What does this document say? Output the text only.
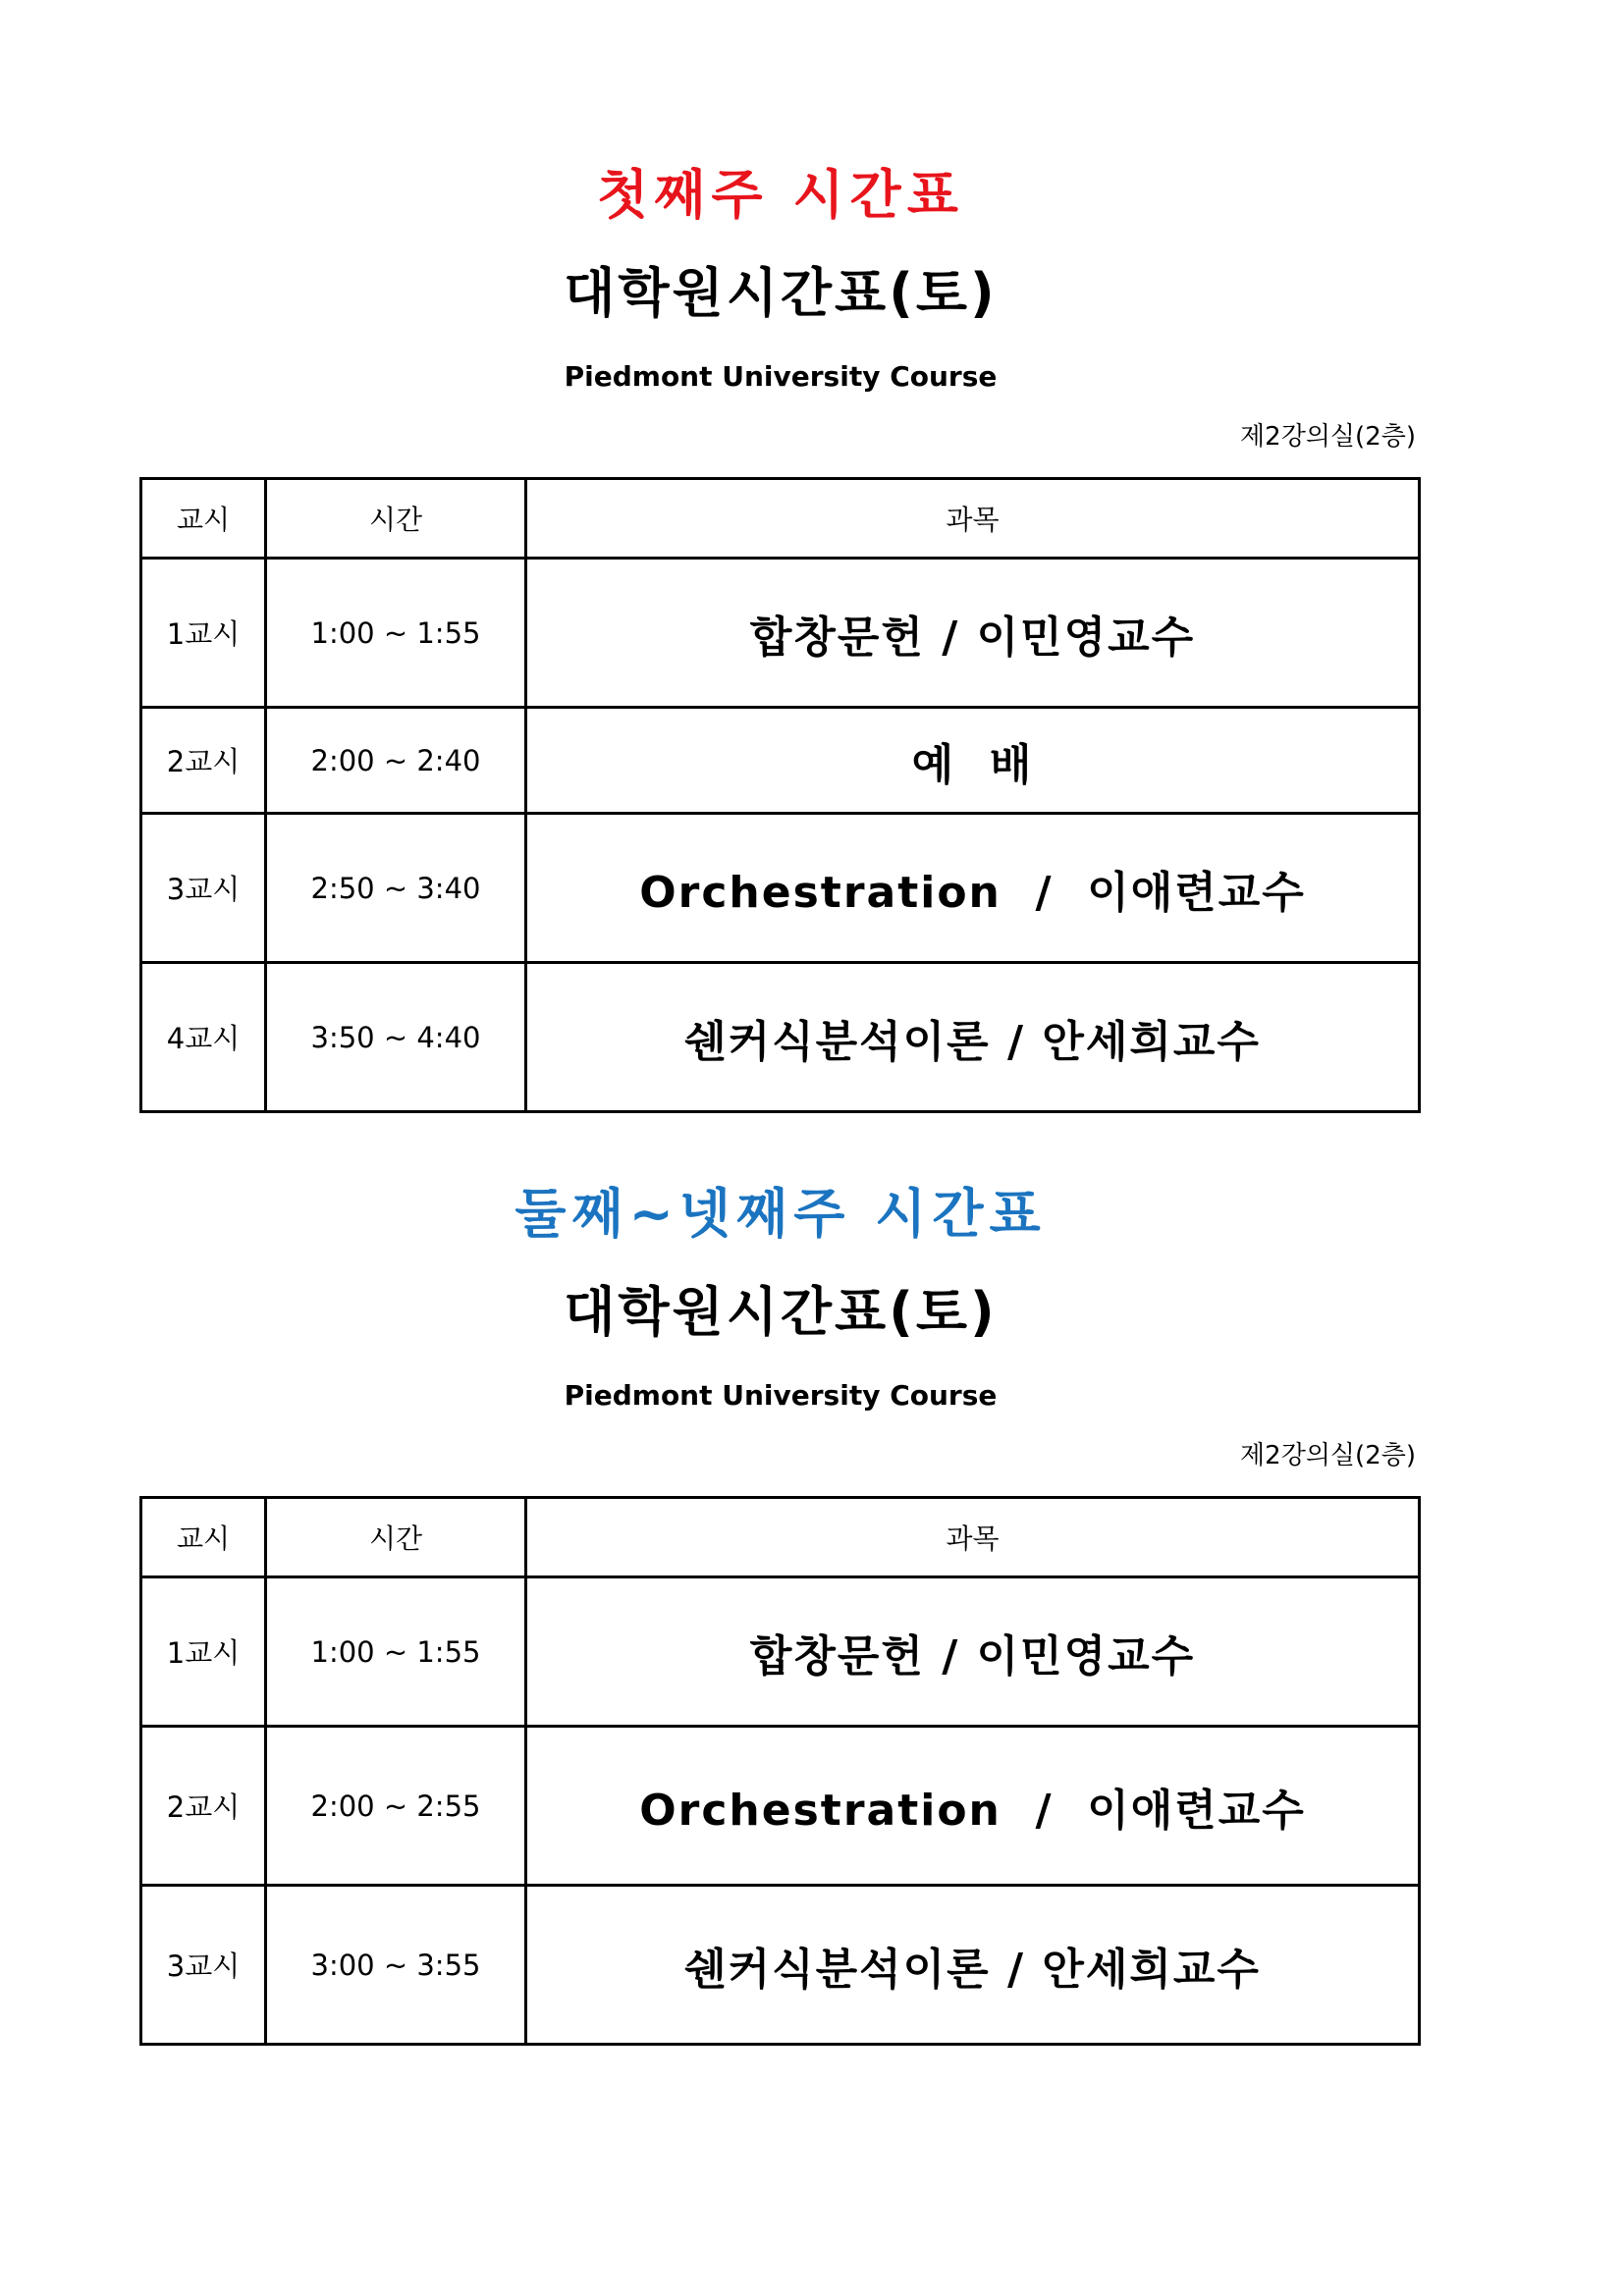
첫째주 시간표
대학원시간표(토)
Piedmont University Course
제2강의실(2층)
교시	시간	과목
1교시	1:00 ~ 1:55	합창문헌 / 이민영교수
2교시	2:00 ~ 2:40	예  배
3교시	2:50 ~ 3:40	Orchestration  /  이애련교수
4교시	3:50 ~ 4:40	쉔커식분석이론 / 안세희교수
둘째~넷째주 시간표
대학원시간표(토)
Piedmont University Course
제2강의실(2층)
교시	시간	과목
1교시	1:00 ~ 1:55	합창문헌 / 이민영교수
2교시	2:00 ~ 2:55	Orchestration  /  이애련교수
3교시	3:00 ~ 3:55	쉔커식분석이론 / 안세희교수
